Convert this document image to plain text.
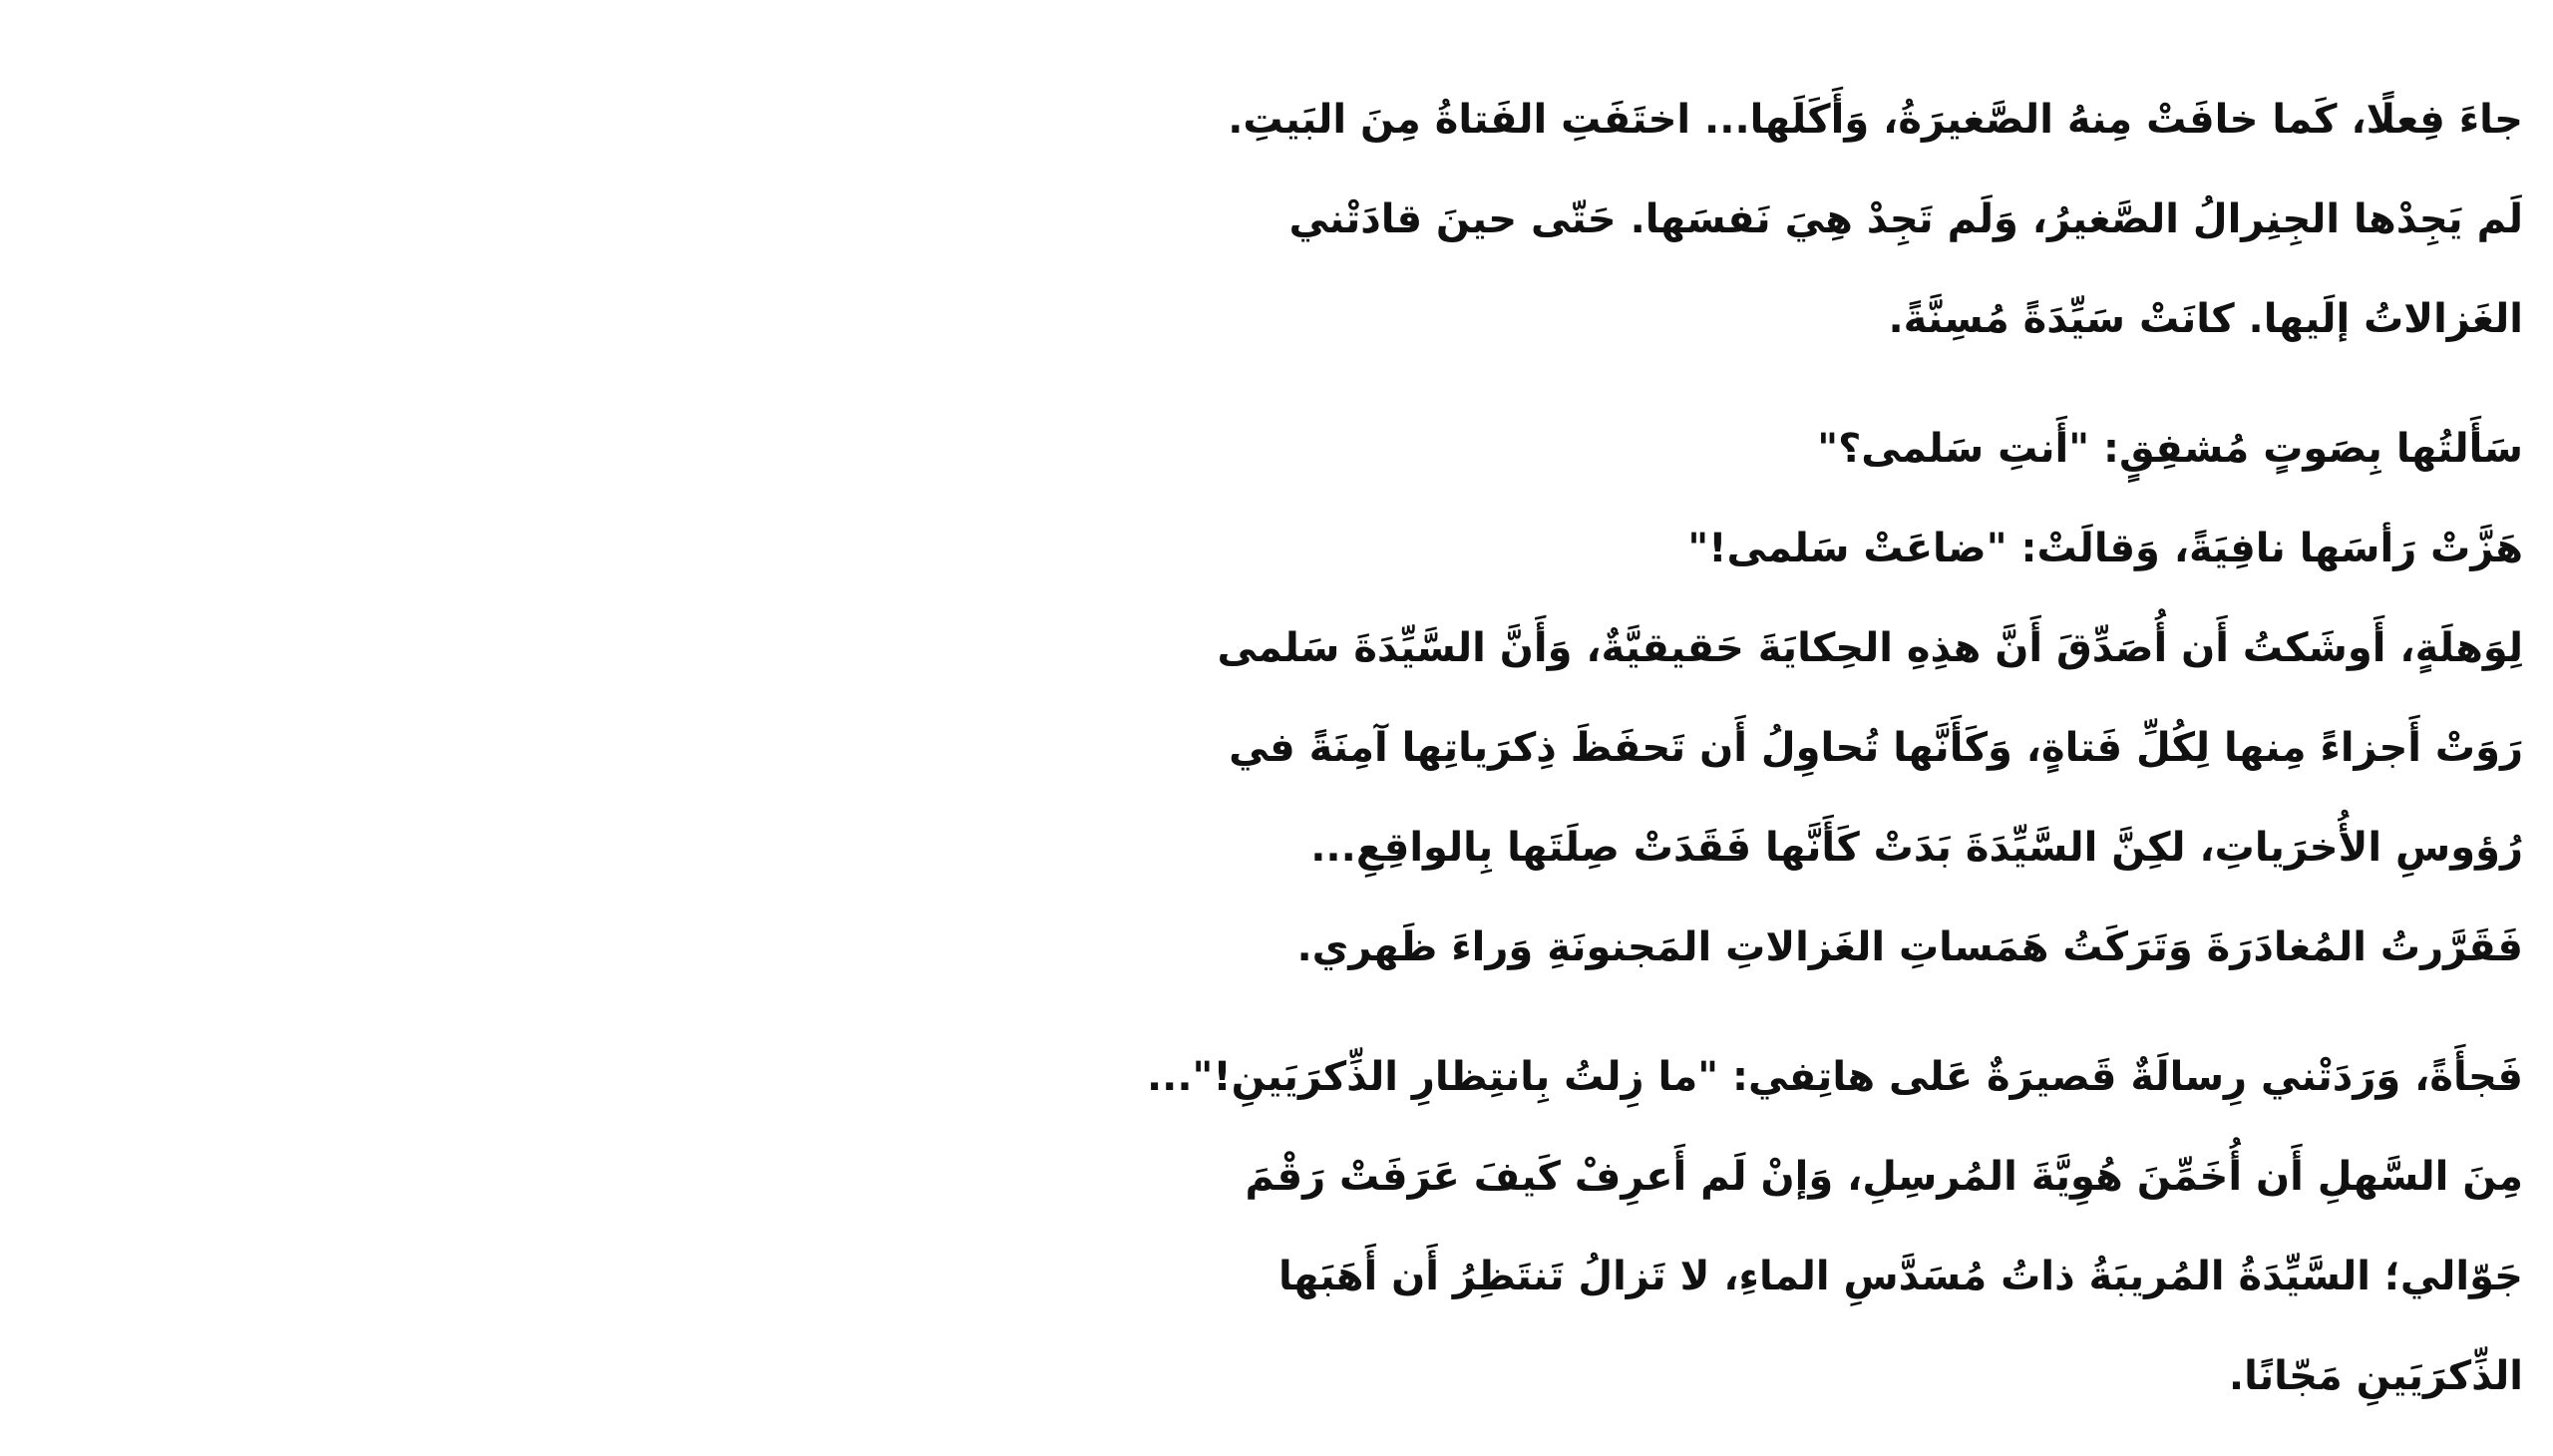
جاءَ فِعلًا، كَما خافَتْ مِنهُ الصَّغيرَةُ، وَأَكَلَها... اختَفَتِ الفَتاةُ مِنَ البَيتِ.
لَم يَجِدْها الجِنِرالُ الصَّغيرُ، وَلَم تَجِدْ هِيَ نَفسَها. حَتّى حينَ قادَتْني
الغَزالاتُ إلَيها. كانَتْ سَيِّدَةً مُسِنَّةً.

سَأَلتُها بِصَوتٍ مُشفِقٍ: "أَنتِ سَلمى؟"
هَزَّتْ رَأسَها نافِيَةً، وَقالَتْ: "ضاعَتْ سَلمى!"
لِوَهلَةٍ، أَوشَكتُ أَن أُصَدِّقَ أَنَّ هذِهِ الحِكايَةَ حَقيقيَّةٌ، وَأَنَّ السَّيِّدَةَ سَلمى
رَوَتْ أَجزاءً مِنها لِكُلِّ فَتاةٍ، وَكَأَنَّها تُحاوِلُ أَن تَحفَظَ ذِكرَياتِها آمِنَةً في
رُؤوسِ الأُخرَياتِ، لكِنَّ السَّيِّدَةَ بَدَتْ كَأَنَّها فَقَدَتْ صِلَتَها بِالواقِعِ...
فَقَرَّرتُ المُغادَرَةَ وَتَرَكَتُ هَمَساتِ الغَزالاتِ المَجنونَةِ وَراءَ ظَهري.

فَجأَةً، وَرَدَتْني رِسالَةٌ قَصيرَةٌ عَلى هاتِفي: "ما زِلتُ بِانتِظارِ الذِّكرَيَينِ!"...
مِنَ السَّهلِ أَن أُخَمِّنَ هُوِيَّةَ المُرسِلِ، وَإنْ لَم أَعرِفْ كَيفَ عَرَفَتْ رَقْمَ
جَوّالي؛ السَّيِّدَةُ المُريبَةُ ذاتُ مُسَدَّسِ الماءِ، لا تَزالُ تَنتَظِرُ أَن أَهَبَها
الذِّكرَيَينِ مَجّانًا.
